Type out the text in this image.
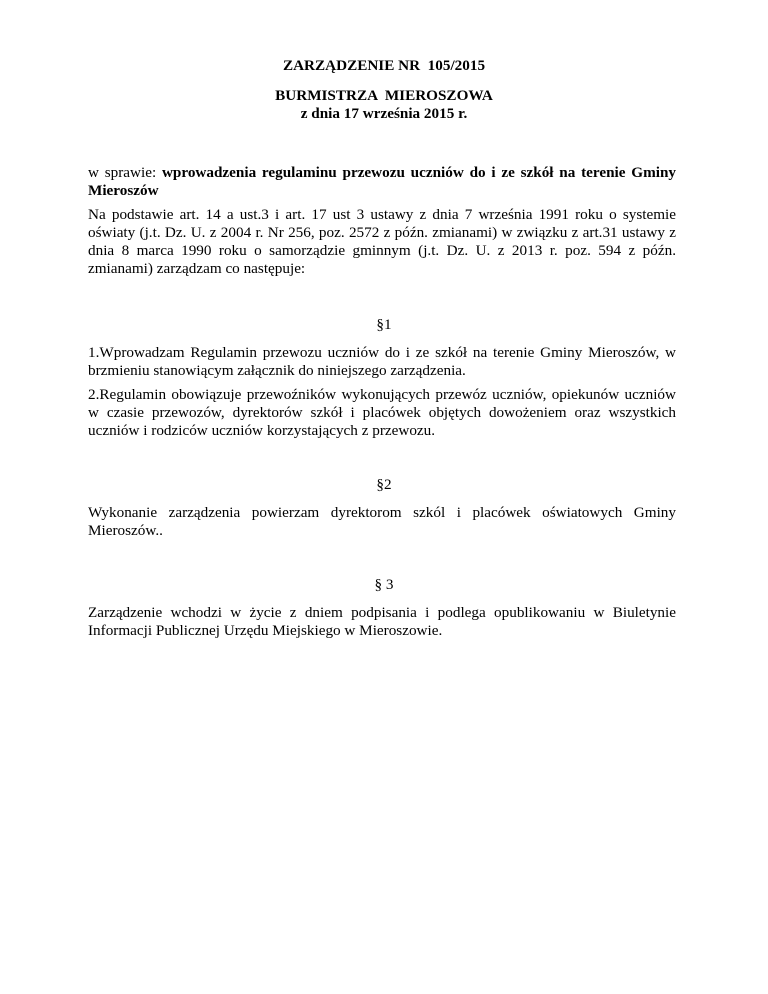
ZARZĄDZENIE NR  105/2015
BURMISTRZA  MIEROSZOWA
z dnia 17 września 2015 r.

w sprawie: wprowadzenia regulaminu przewozu uczniów do i ze szkół na terenie Gminy Mieroszów

Na podstawie art. 14 a ust.3 i art. 17 ust 3 ustawy z dnia 7 września 1991 roku o systemie oświaty (j.t. Dz. U. z 2004 r. Nr 256, poz. 2572 z późn. zmianami) w związku z art.31 ustawy z dnia 8 marca 1990 roku o samorządzie gminnym (j.t. Dz. U. z 2013 r. poz. 594 z późn. zmianami) zarządzam co następuje:

§1

1.Wprowadzam Regulamin przewozu uczniów do i ze szkół na terenie Gminy Mieroszów, w brzmieniu stanowiącym załącznik do niniejszego zarządzenia.

2.Regulamin obowiązuje przewoźników wykonujących przewóz uczniów, opiekunów uczniów w czasie przewozów, dyrektorów szkół i placówek objętych dowożeniem oraz wszystkich uczniów i rodziców uczniów korzystających z przewozu.

§2

Wykonanie zarządzenia powierzam dyrektorom szkól i placówek oświatowych Gminy Mieroszów..

§ 3

Zarządzenie wchodzi w życie z dniem podpisania i podlega opublikowaniu w Biuletynie Informacji Publicznej Urzędu Miejskiego w Mieroszowie.
